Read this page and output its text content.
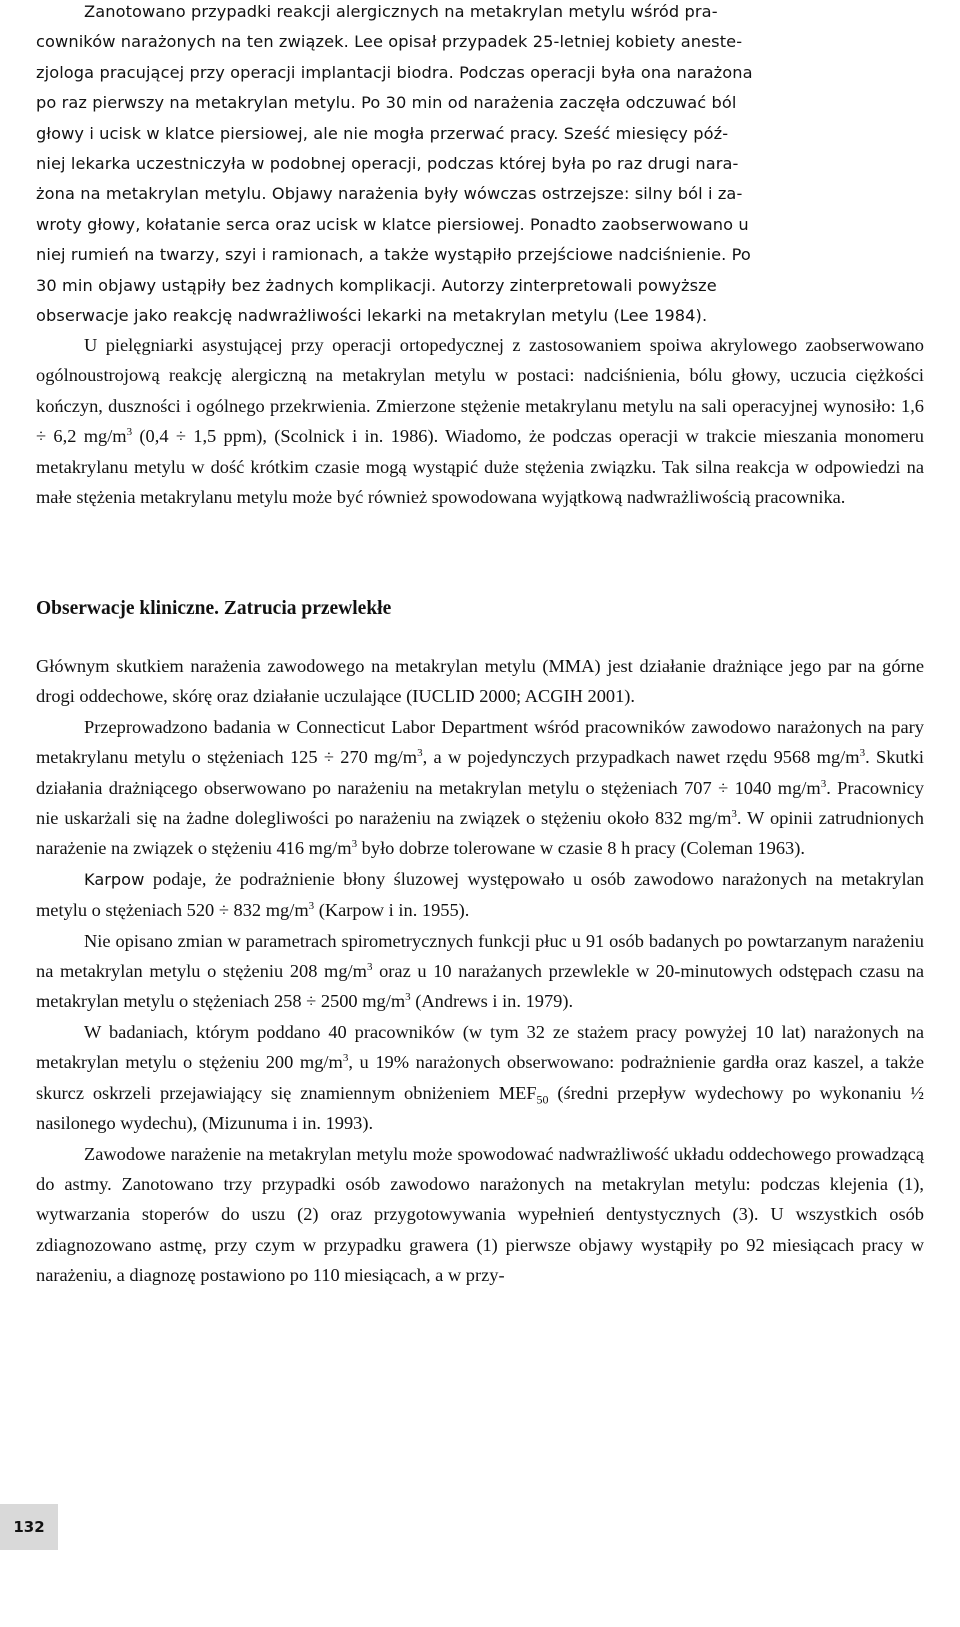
Zanotowano przypadki reakcji alergicznych na metakrylan metylu wśród pra-

cowników narażonych na ten związek. Lee opisał przypadek 25-letniej kobiety aneste-

zjologa pracującej przy operacji implantacji biodra. Podczas operacji była ona narażona

po raz pierwszy na metakrylan metylu. Po 30 min od narażenia zaczęła odczuwać ból

głowy i ucisk w klatce piersiowej, ale nie mogła przerwać pracy. Sześć miesięcy póź-

niej lekarka uczestniczyła w podobnej operacji, podczas której była po raz drugi nara-

żona na metakrylan metylu. Objawy narażenia były wówczas ostrzejsze: silny ból i za-

wroty głowy, kołatanie serca oraz ucisk w klatce piersiowej. Ponadto zaobserwowano u

niej rumień na twarzy, szyi i ramionach, a także wystąpiło przejściowe nadciśnienie. Po

30 min objawy ustąpiły bez żadnych komplikacji. Autorzy zinterpretowali powyższe

obserwacje jako reakcję nadwrażliwości lekarki na metakrylan metylu (Lee 1984).

U pielęgniarki asystującej przy operacji ortopedycznej z zastosowaniem spoiwa akrylowego zaobserwowano ogólnoustrojową reakcję alergiczną na metakrylan metylu w postaci: nadciśnienia, bólu głowy, uczucia ciężkości kończyn, duszności i ogólnego przekrwienia. Zmierzone stężenie metakrylanu metylu na sali operacyjnej wynosiło: 1,6 ÷ 6,2 $mg/m^3$ (0,4 ÷ 1,5 ppm), (Scolnick i in. 1986). Wiadomo, że podczas operacji w trakcie mieszania monomeru metakrylanu metylu w dość krótkim czasie mogą wystąpić duże stężenia związku. Tak silna reakcja w odpowiedzi na małe stężenia metakrylanu metylu może być również spowodowana wyjątkową nadwrażliwością pracownika.

Obserwacje kliniczne. Zatrucia przewlekłe

Głównym skutkiem narażenia zawodowego na metakrylan metylu (MMA) jest działanie drażniące jego par na górne drogi oddechowe, skórę oraz działanie uczulające (IUCLID 2000; ACGIH 2001).

Przeprowadzono badania w Connecticut Labor Department wśród pracowników zawodowo narażonych na pary metakrylanu metylu o stężeniach 125 ÷ 270 $mg/m^3$, a w pojedynczych przypadkach nawet rzędu 9568 $mg/m^3$. Skutki działania drażniącego obserwowano po narażeniu na metakrylan metylu o stężeniach 707 ÷ 1040 $mg/m^3$. Pracownicy nie uskarżali się na żadne dolegliwości po narażeniu na związek o stężeniu około 832 $mg/m^3$. W opinii zatrudnionych narażenie na związek o stężeniu 416 $mg/m^3$ było dobrze tolerowane w czasie 8 h pracy (Coleman 1963).

Karpow podaje, że podrażnienie błony śluzowej występowało u osób zawodowo narażonych na metakrylan metylu o stężeniach 520 ÷ 832 $mg/m^3$ (Karpow i in. 1955).

Nie opisano zmian w parametrach spirometrycznych funkcji płuc u 91 osób badanych po powtarzanym narażeniu na metakrylan metylu o stężeniu 208 $mg/m^3$ oraz u 10 narażanych przewlekle w 20-minutowych odstępach czasu na metakrylan metylu o stężeniach 258 ÷ 2500 $mg/m^3$ (Andrews i in. 1979).

W badaniach, którym poddano 40 pracowników (w tym 32 ze stażem pracy powyżej 10 lat) narażonych na metakrylan metylu o stężeniu 200 $mg/m^3$, u 19% narażonych obserwowano: podrażnienie gardła oraz kaszel, a także skurcz oskrzeli przejawiający się znamiennym obniżeniem $MEF_{50}$ (średni przepływ wydechowy po wykonaniu ½ nasilonego wydechu), (Mizunuma i in. 1993).

Zawodowe narażenie na metakrylan metylu może spowodować nadwrażliwość układu oddechowego prowadzącą do astmy. Zanotowano trzy przypadki osób zawodowo narażonych na metakrylan metylu: podczas klejenia (1), wytwarzania stoperów do uszu (2) oraz przygotowywania wypełnień dentystycznych (3). U wszystkich osób zdiagnozowano astmę, przy czym w przypadku grawera (1) pierwsze objawy wystąpiły po 92 miesiącach pracy w narażeniu, a diagnozę postawiono po 110 miesiącach, a w przy-

132
